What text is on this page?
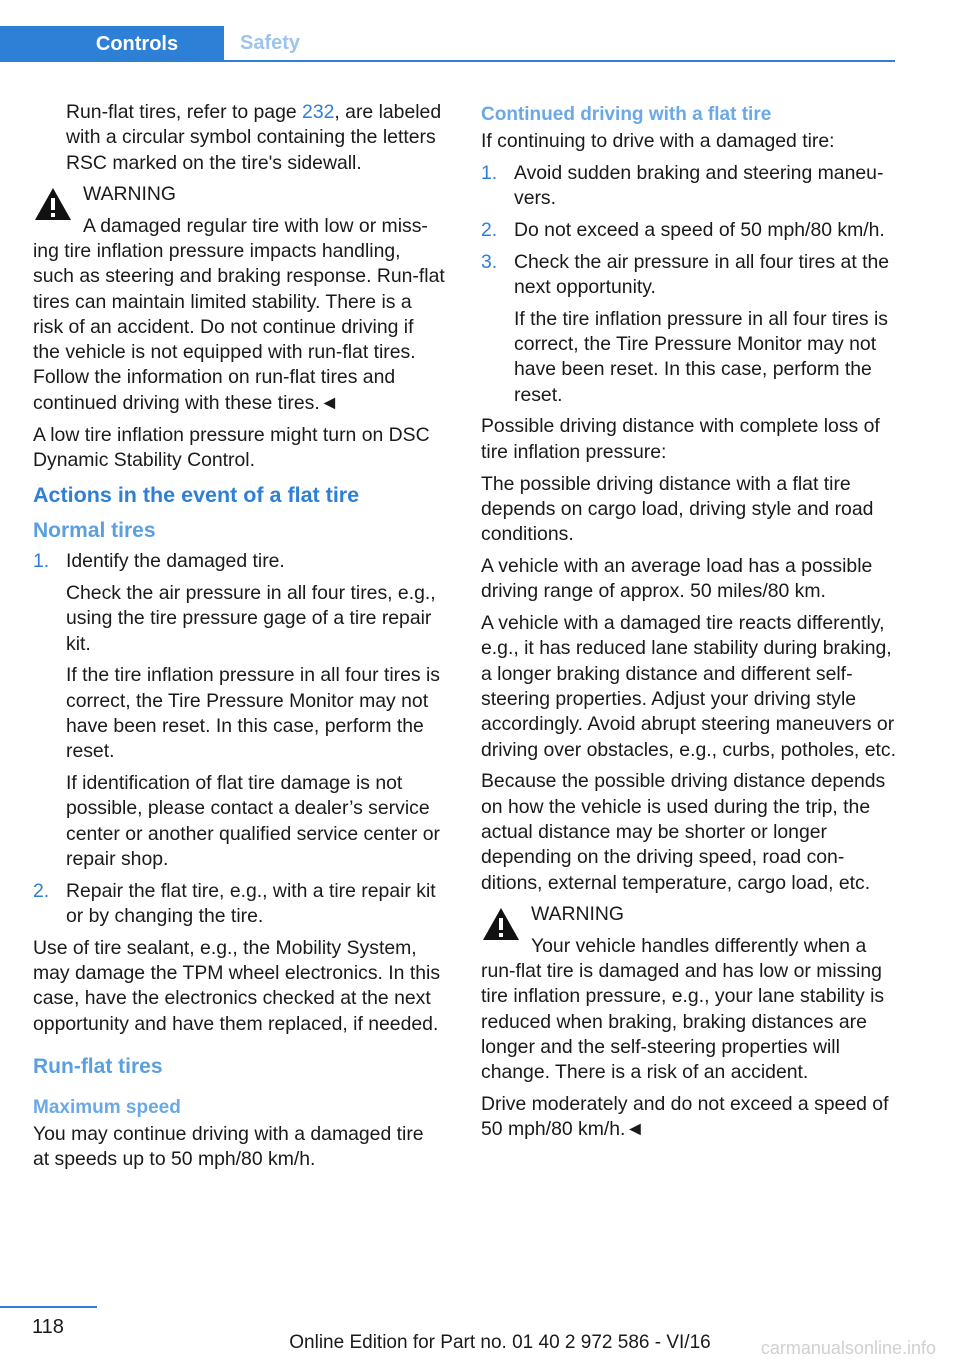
Controls	Safety

Run-flat tires, refer to page 232, are labeled with a circular symbol containing the letters RSC marked on the tire's sidewall.

WARNING

A damaged regular tire with low or missing tire inflation pressure impacts handling, such as steering and braking response. Run-flat tires can maintain limited stability. There is a risk of an accident. Do not continue driving if the vehicle is not equipped with run-flat tires. Follow the information on run-flat tires and continued driving with these tires.◄

A low tire inflation pressure might turn on DSC Dynamic Stability Control.

Actions in the event of a flat tire
Normal tires
1. Identify the damaged tire.
Check the air pressure in all four tires, e.g., using the tire pressure gage of a tire repair kit.
If the tire inflation pressure in all four tires is correct, the Tire Pressure Monitor may not have been reset. In this case, perform the reset.
If identification of flat tire damage is not possible, please contact a dealer’s service center or another qualified service center or repair shop.
2. Repair the flat tire, e.g., with a tire repair kit or by changing the tire.

Use of tire sealant, e.g., the Mobility System, may damage the TPM wheel electronics. In this case, have the electronics checked at the next opportunity and have them replaced, if needed.

Run-flat tires
Maximum speed

You may continue driving with a damaged tire at speeds up to 50 mph/80 km/h.

Continued driving with a flat tire

If continuing to drive with a damaged tire:

1. Avoid sudden braking and steering maneuvers.
2. Do not exceed a speed of 50 mph/80 km/h.
3. Check the air pressure in all four tires at the next opportunity.
If the tire inflation pressure in all four tires is correct, the Tire Pressure Monitor may not have been reset. In this case, perform the reset.

Possible driving distance with complete loss of tire inflation pressure:

The possible driving distance with a flat tire depends on cargo load, driving style and road conditions.

A vehicle with an average load has a possible driving range of approx. 50 miles/80 km.

A vehicle with a damaged tire reacts differently, e.g., it has reduced lane stability during braking, a longer braking distance and different self-steering properties. Adjust your driving style accordingly. Avoid abrupt steering maneuvers or driving over obstacles, e.g., curbs, potholes, etc.

Because the possible driving distance depends on how the vehicle is used during the trip, the actual distance may be shorter or longer depending on the driving speed, road conditions, external temperature, cargo load, etc.

WARNING

Your vehicle handles differently when a run-flat tire is damaged and has low or missing tire inflation pressure, e.g., your lane stability is reduced when braking, braking distances are longer and the self-steering properties will change. There is a risk of an accident.

Drive moderately and do not exceed a speed of 50 mph/80 km/h.◄

118
Online Edition for Part no. 01 40 2 972 586 - VI/16	carmanualsonline.info
